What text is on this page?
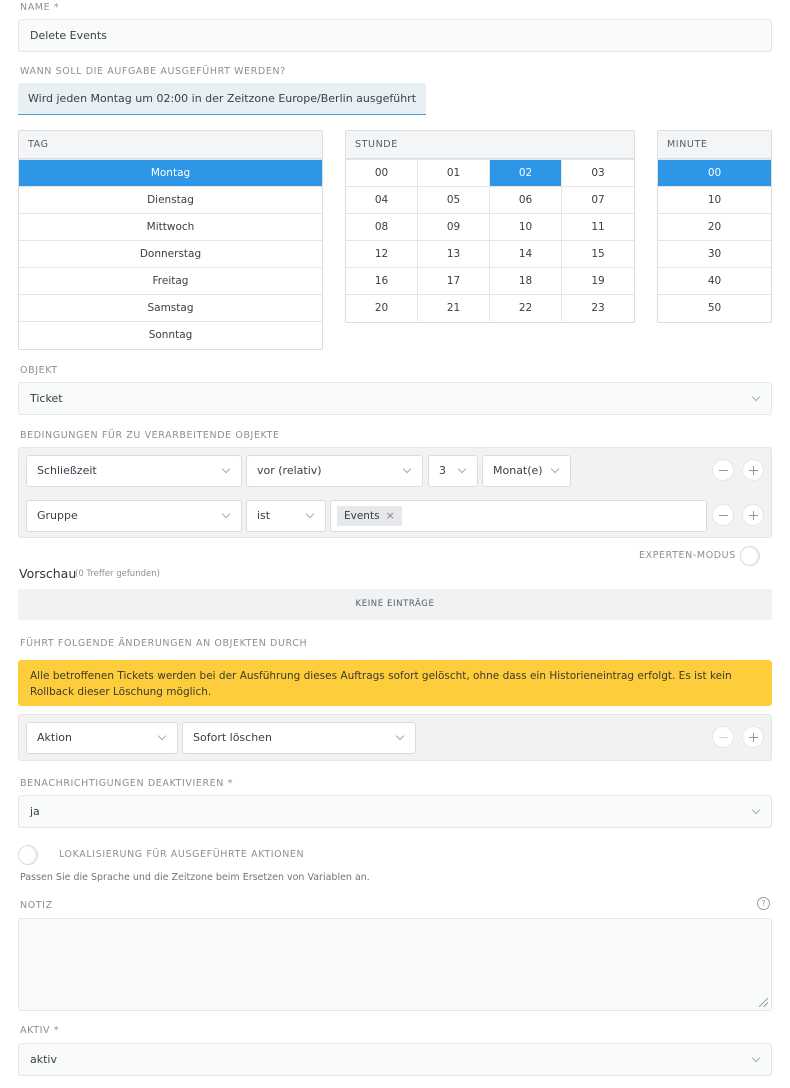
NAME *
Delete Events
WANN SOLL DIE AUFGABE AUSGEFÜHRT WERDEN?
Wird jeden Montag um 02:00 in der Zeitzone Europe/Berlin ausgeführt
TAG
Montag
Dienstag
Mittwoch
Donnerstag
Freitag
Samstag
Sonntag
STUNDE
00	01	02	03
04	05	06	07
08	09	10	11
12	13	14	15
16	17	18	19
20	21	22	23
MINUTE
00
10
20
30
40
50
OBJEKT
Ticket
BEDINGUNGEN FÜR ZU VERARBEITENDE OBJEKTE
Schließzeit	vor (relativ)	3	Monat(e)
Gruppe	ist	Events ×
EXPERTEN-MODUS
Vorschau
(0 Treffer gefunden)
KEINE EINTRÄGE
FÜHRT FOLGENDE ÄNDERUNGEN AN OBJEKTEN DURCH
Alle betroffenen Tickets werden bei der Ausführung dieses Auftrags sofort gelöscht, ohne dass ein Historieneintrag erfolgt. Es ist kein Rollback dieser Löschung möglich.
Aktion	Sofort löschen
BENACHRICHTIGUNGEN DEAKTIVIEREN *
ja
LOKALISIERUNG FÜR AUSGEFÜHRTE AKTIONEN
Passen Sie die Sprache und die Zeitzone beim Ersetzen von Variablen an.
NOTIZ	?
AKTIV *
aktiv
